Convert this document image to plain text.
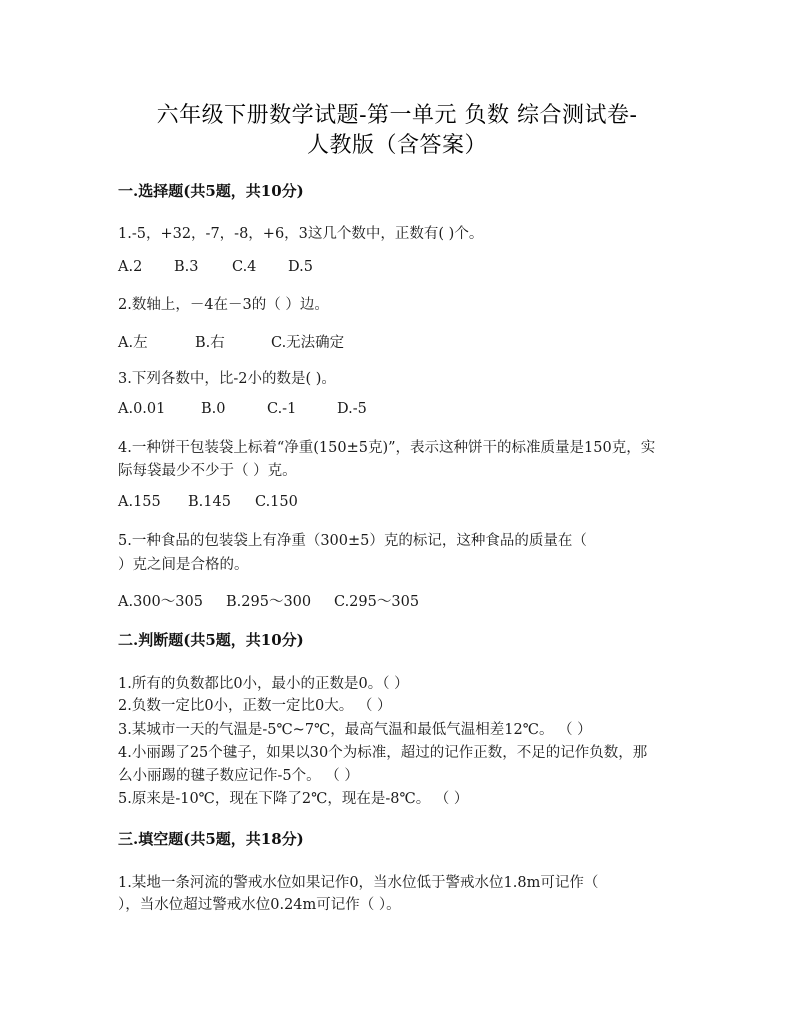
六年级下册数学试题-第一单元 负数 综合测试卷-
人教版（含答案）
一.选择题(共5题，共10分)
1.-5，+32，-7，-8，+6，3这几个数中，正数有( )个。
A.2 B.3 C.4 D.5
2.数轴上，－4在－3的（ ）边。
A.左	B.右	C.无法确定
3.下列各数中，比-2小的数是( )。
A.0.01 B.0	C.-1	D.-5
4.一种饼干包装袋上标着“净重(150±5克)”，表示这种饼干的标准质量是150克，实
际每袋最少不少于（ ）克。
A.155 B.145 C.150
5.一种食品的包装袋上有净重（300±5）克的标记，这种食品的质量在（
）克之间是合格的。
A.300～305 B.295～300 C.295～305
二.判断题(共5题，共10分)
1.所有的负数都比0小，最小的正数是0。（ ）
2.负数一定比0小，正数一定比0大。 （ ）
3.某城市一天的气温是-5℃~7℃，最高气温和最低气温相差12℃。 （ ）
4.小丽踢了25个毽子，如果以30个为标准，超过的记作正数，不足的记作负数，那
么小丽踢的毽子数应记作-5个。 （ ）
5.原来是-10℃，现在下降了2℃，现在是-8℃。 （ ）
三.填空题(共5题，共18分)
1.某地一条河流的警戒水位如果记作0，当水位低于警戒水位1.8m可记作（
），当水位超过警戒水位0.24m可记作（ ）。
